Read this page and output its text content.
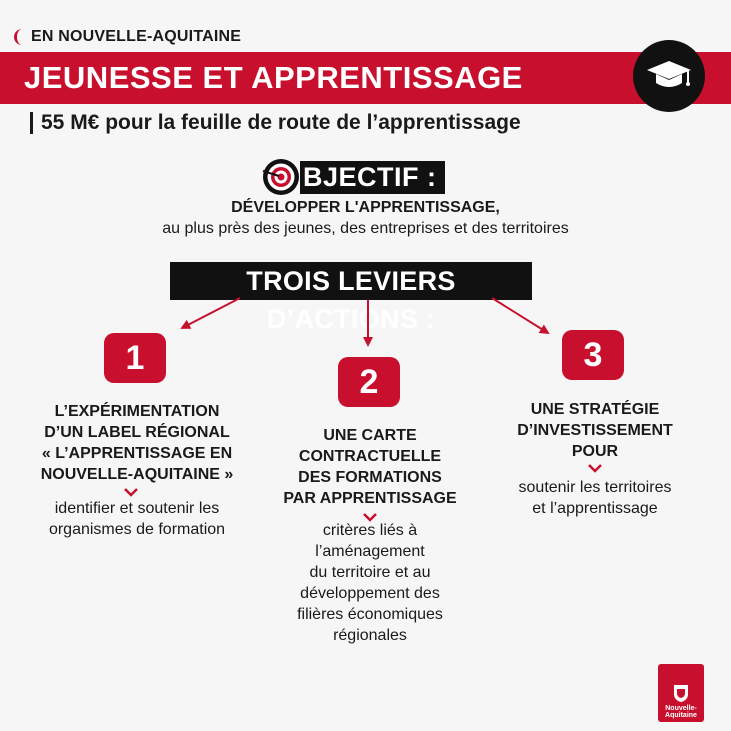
EN NOUVELLE-AQUITAINE
JEUNESSE ET APPRENTISSAGE
55 M€ pour la feuille de route de l’apprentissage
BJECTIF :
DÉVELOPPER L'APPRENTISSAGE,
au plus près des jeunes, des entreprises et des territoires
TROIS LEVIERS D’ACTIONS :
1
L’EXPÉRIMENTATION
D’UN LABEL RÉGIONAL
« L’APPRENTISSAGE EN
NOUVELLE-AQUITAINE »
identifier et soutenir les
organismes de formation
2
UNE CARTE
CONTRACTUELLE
DES FORMATIONS
PAR APPRENTISSAGE
critères liés à
l’aménagement
du territoire et au
développement des
filières économiques
régionales
3
UNE STRATÉGIE
D’INVESTISSEMENT
POUR
soutenir les territoires
et l’apprentissage
Nouvelle-
Aquitaine
